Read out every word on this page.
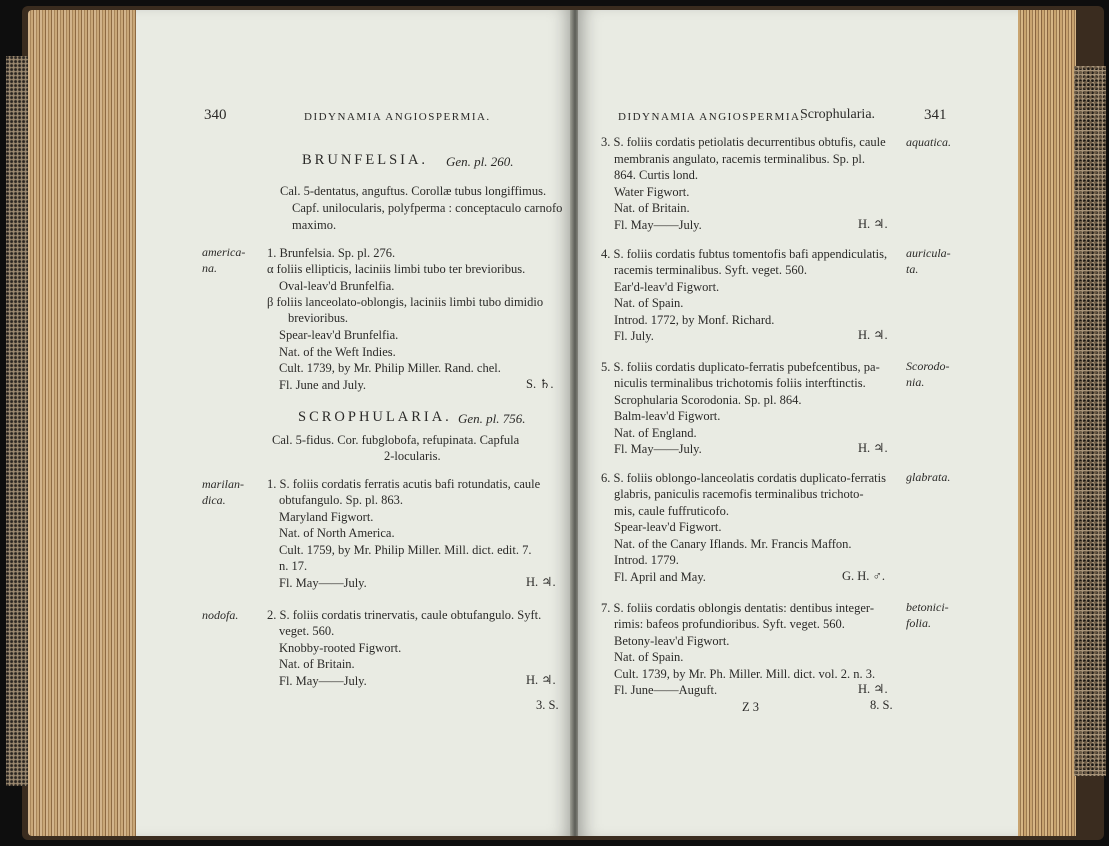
340	DIDYNAMIA ANGIOSPERMIA.
BRUNFELSIA. Gen. pl. 260.
Cal. 5-dentatus, anguftus. Corollæ tubus longiffimus.
Capf. unilocularis, polyfperma : conceptaculo carnofo
maximo.
america-
na.
1. Brunfelsia. Sp. pl. 276.
α foliis ellipticis, laciniis limbi tubo ter brevioribus.
Oval-leav'd Brunfelfia.
β foliis lanceolato-oblongis, laciniis limbi tubo dimidio
brevioribus.
Spear-leav'd Brunfelfia.
Nat. of the Weft Indies.
Cult. 1739, by Mr. Philip Miller. Rand. chel.
Fl. June and July.	S. ♄.
SCROPHULARIA. Gen. pl. 756.
Cal. 5-fidus. Cor. fubglobofa, refupinata. Capfula
2-locularis.
marilan-
dica.
1. S. foliis cordatis ferratis acutis bafi rotundatis, caule
obtufangulo. Sp. pl. 863.
Maryland Figwort.
Nat. of North America.
Cult. 1759, by Mr. Philip Miller. Mill. dict. edit. 7.
n. 17.
Fl. May——July.	H. ♃.
nodofa. 2. S. foliis cordatis trinervatis, caule obtufangulo. Syft.
veget. 560.
Knobby-rooted Figwort.
Nat. of Britain.
Fl. May——July.	H. ♃.
3. S.
DIDYNAMIA ANGIOSPERMIA.
Scrophularia.	341
aquatica.
3. S. foliis cordatis petiolatis decurrentibus obtufis, caule
membranis angulato, racemis terminalibus. Sp. pl.
864. Curtis lond.
Water Figwort.
Nat. of Britain.
Fl. May——July.	H. ♃.
auricula-
ta.
4. S. foliis cordatis fubtus tomentofis bafi appendiculatis,
racemis terminalibus. Syft. veget. 560.
Ear'd-leav'd Figwort.
Nat. of Spain.
Introd. 1772, by Monf. Richard.
Fl. July.	H. ♃.
Scorodo-
nia.
5. S. foliis cordatis duplicato-ferratis pubefcentibus, pa-
niculis terminalibus trichotomis foliis interftinctis.
Scrophularia Scorodonia. Sp. pl. 864.
Balm-leav'd Figwort.
Nat. of England.
Fl. May——July.	H. ♃.
glabrata.
6. S. foliis oblongo-lanceolatis cordatis duplicato-ferratis
glabris, paniculis racemofis terminalibus trichoto-
mis, caule fuffruticofo.
Spear-leav'd Figwort.
Nat. of the Canary Iflands. Mr. Francis Maffon.
Introd. 1779.
Fl. April and May.	G. H. ♂.
betonici-
folia.
7. S. foliis cordatis oblongis dentatis: dentibus integer-
rimis: bafeos profundioribus. Syft. veget. 560.
Betony-leav'd Figwort.
Nat. of Spain.
Cult. 1739, by Mr. Ph. Miller. Mill. dict. vol. 2. n. 3.
Fl. June——Auguft.	H. ♃.
Z 3	8. S.
